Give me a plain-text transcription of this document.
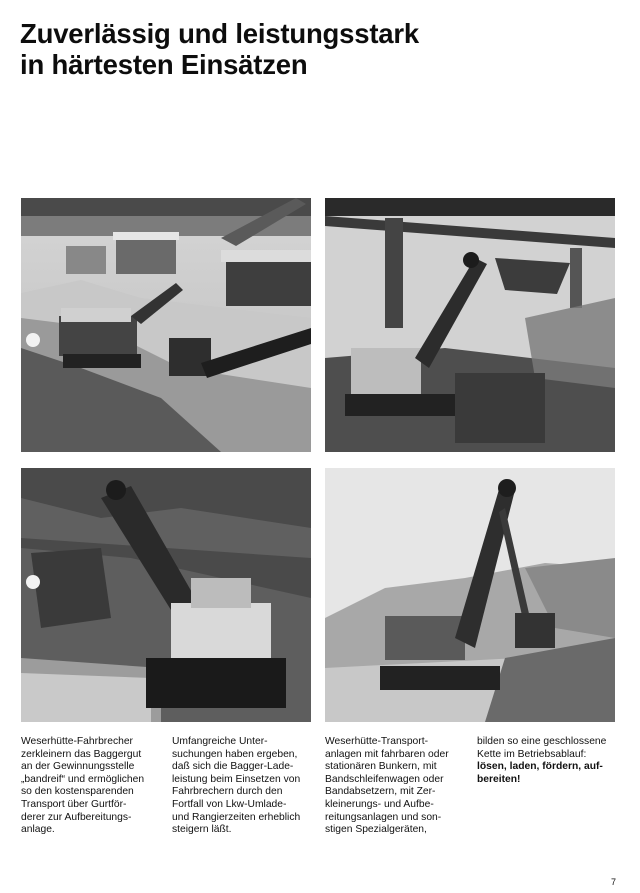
Zuverlässig und leistungsstark
in härtesten Einsätzen

Weserhütte-Fahrbrecher
zerkleinern das Baggergut
an der Gewinnungsstelle
„bandreif“ und ermöglichen
so den kostensparenden
Transport über Gurtför-
derer zur Aufbereitungs-
anlage.

Umfangreiche Unter-
suchungen haben ergeben,
daß sich die Bagger-Lade-
leistung beim Einsetzen von
Fahrbrechern durch den
Fortfall von Lkw-Umlade-
und Rangierzeiten erheblich
steigern läßt.

Weserhütte-Transport-
anlagen mit fahrbaren oder
stationären Bunkern, mit
Bandschleifenwagen oder
Bandabsetzern, mit Zer-
kleinerungs- und Aufbe-
reitungsanlagen und son-
stigen Spezialgeräten,

bilden so eine geschlossene
Kette im Betriebsablauf:

lösen, laden, fördern, auf-
bereiten!

7
